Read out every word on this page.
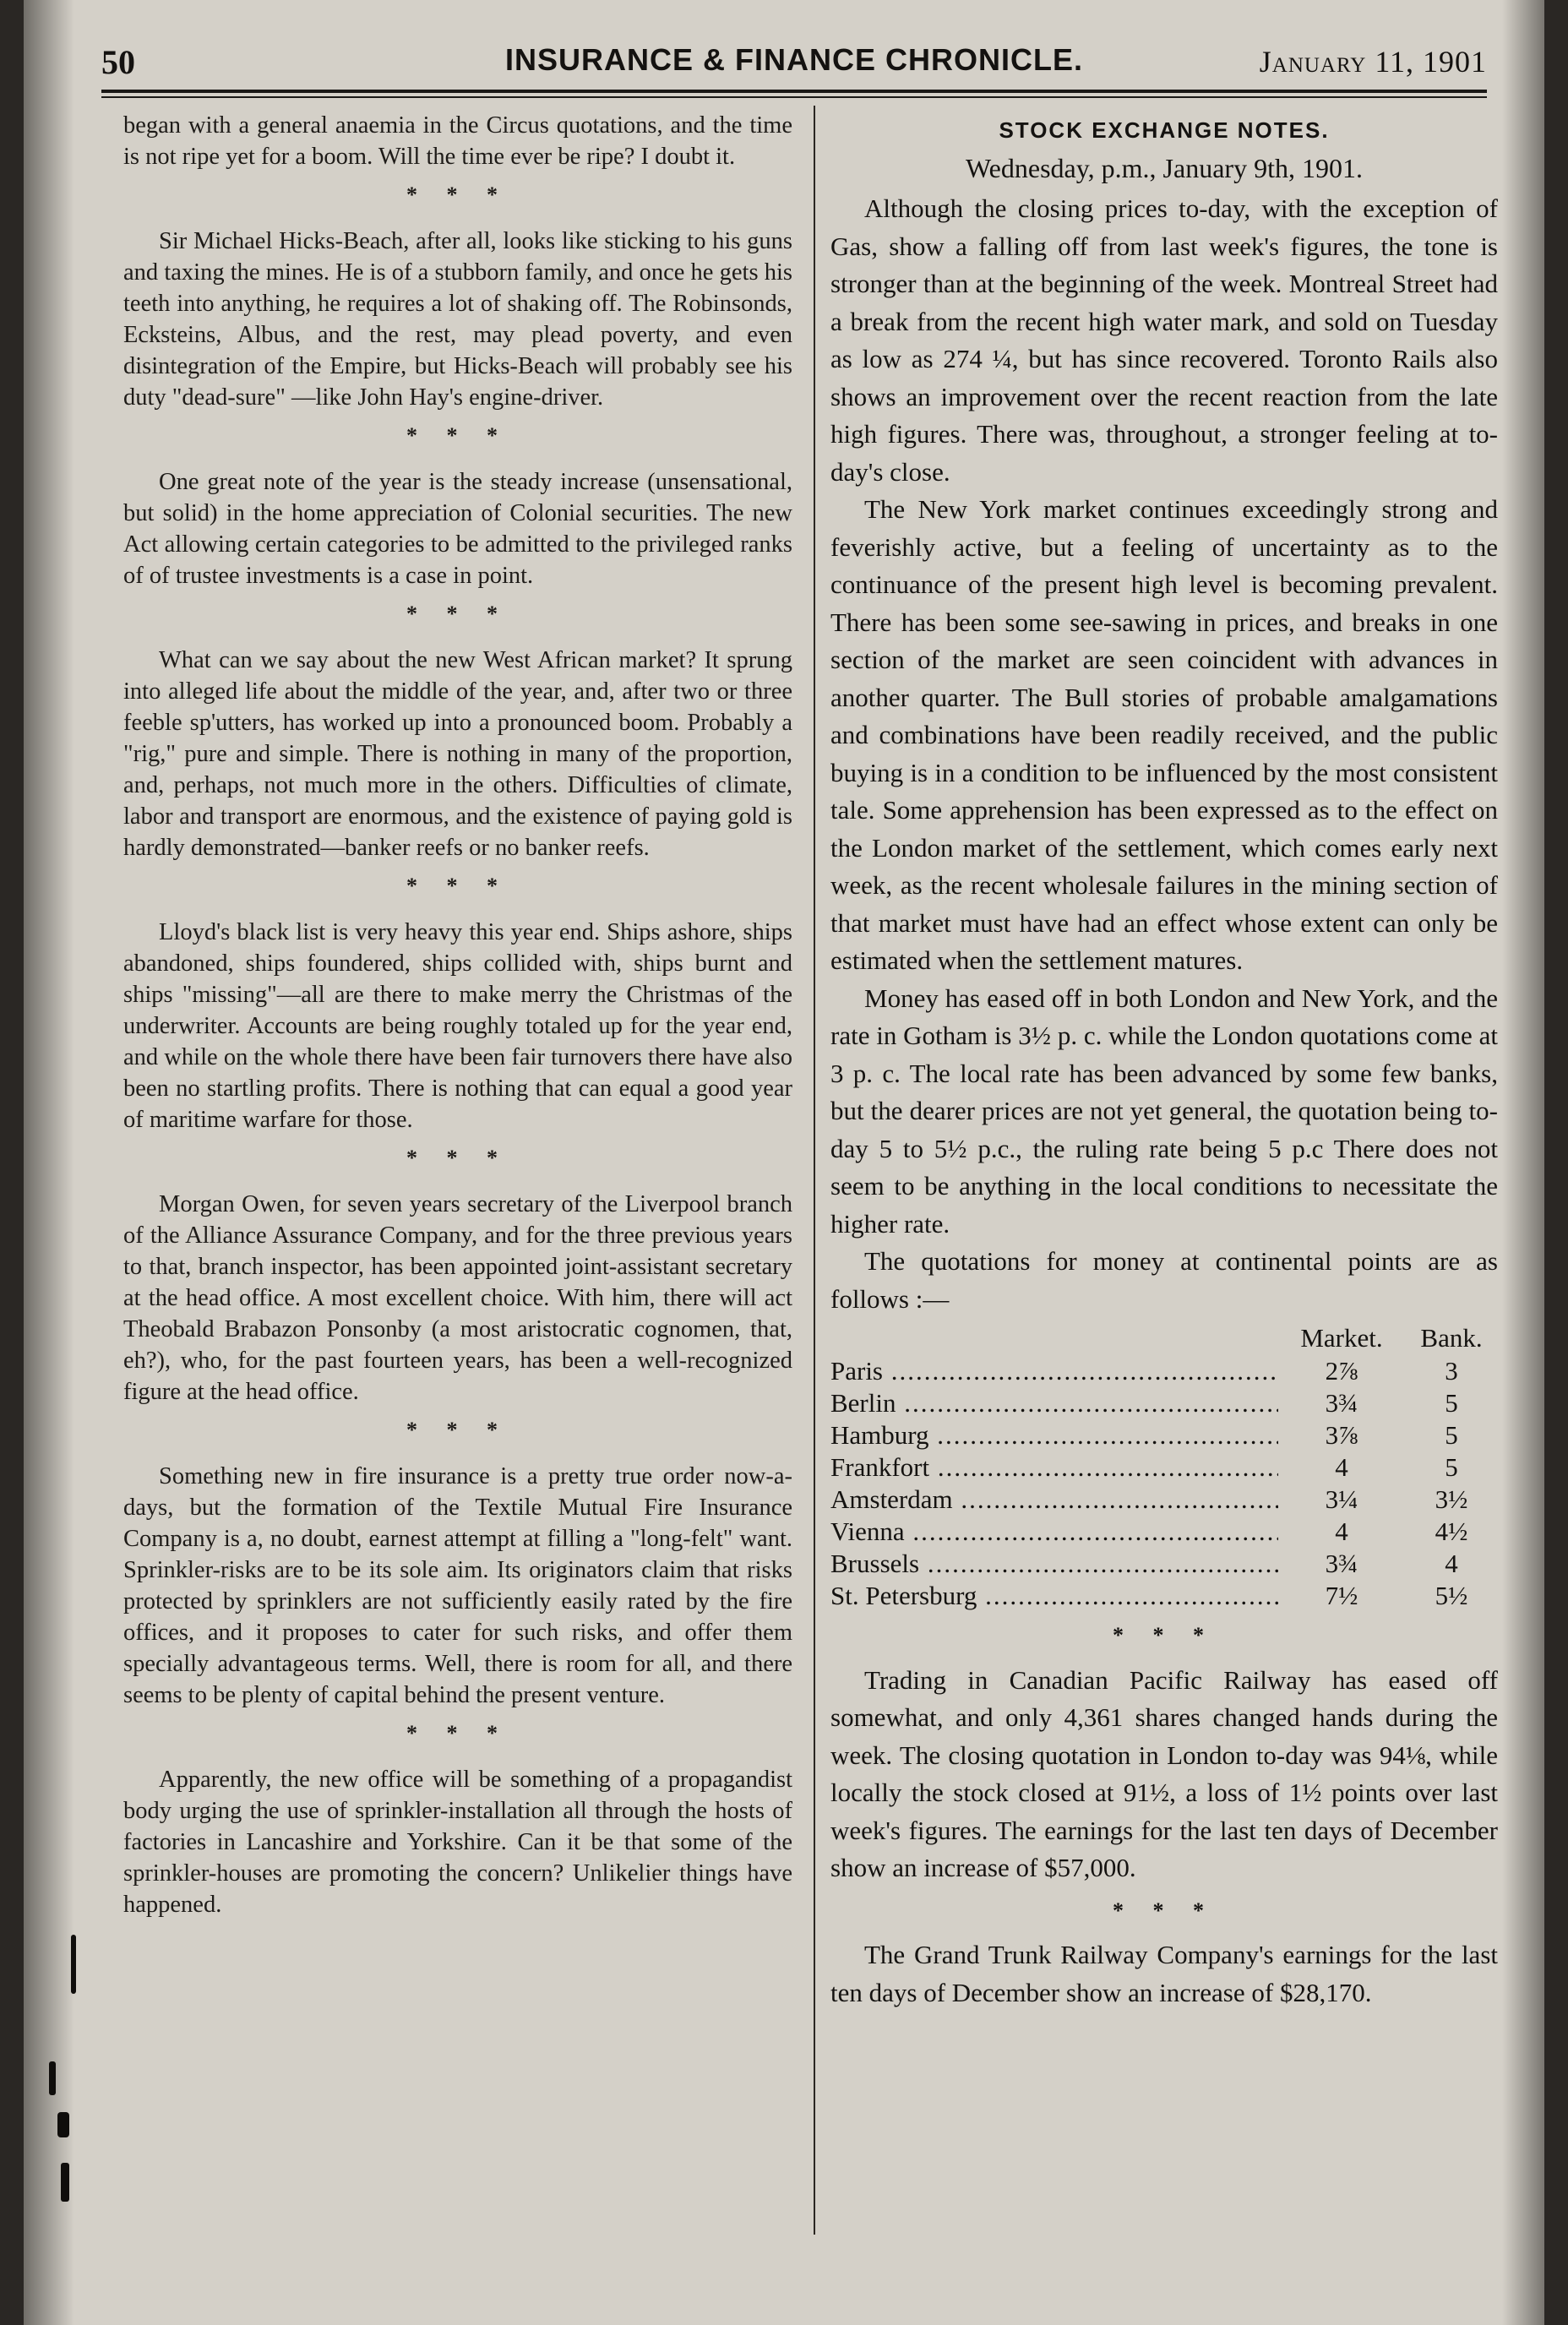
50	INSURANCE & FINANCE CHRONICLE.	January 11, 1901

began with a general anaemia in the Circus quotations, and the time is not ripe yet for a boom. Will the time ever be ripe? I doubt it.

* * *

Sir Michael Hicks-Beach, after all, looks like sticking to his guns and taxing the mines. He is of a stubborn family, and once he gets his teeth into anything, he requires a lot of shaking off. The Robinsonds, Ecksteins, Albus, and the rest, may plead poverty, and even disintegration of the Empire, but Hicks-Beach will probably see his duty "dead-sure" —like John Hay's engine-driver.

* * *

One great note of the year is the steady increase (unsensational, but solid) in the home appreciation of Colonial securities. The new Act allowing certain categories to be admitted to the privileged ranks of of trustee investments is a case in point.

* * *

What can we say about the new West African market? It sprung into alleged life about the middle of the year, and, after two or three feeble sp'utters, has worked up into a pronounced boom. Probably a "rig," pure and simple. There is nothing in many of the proportion, and, perhaps, not much more in the others. Difficulties of climate, labor and transport are enormous, and the existence of paying gold is hardly demonstrated—banker reefs or no banker reefs.

* * *

Lloyd's black list is very heavy this year end. Ships ashore, ships abandoned, ships foundered, ships collided with, ships burnt and ships "missing"—all are there to make merry the Christmas of the underwriter. Accounts are being roughly totaled up for the year end, and while on the whole there have been fair turnovers there have also been no startling profits. There is nothing that can equal a good year of maritime warfare for those.

* * *

Morgan Owen, for seven years secretary of the Liverpool branch of the Alliance Assurance Company, and for the three previous years to that, branch inspector, has been appointed joint-assistant secretary at the head office. A most excellent choice. With him, there will act Theobald Brabazon Ponsonby (a most aristocratic cognomen, that, eh?), who, for the past fourteen years, has been a well-recognized figure at the head office.

* * *

Something new in fire insurance is a pretty true order now-a-days, but the formation of the Textile Mutual Fire Insurance Company is a, no doubt, earnest attempt at filling a "long-felt" want. Sprinkler-risks are to be its sole aim. Its originators claim that risks protected by sprinklers are not sufficiently easily rated by the fire offices, and it proposes to cater for such risks, and offer them specially advantageous terms. Well, there is room for all, and there seems to be plenty of capital behind the present venture.

* * *

Apparently, the new office will be something of a propagandist body urging the use of sprinkler-installation all through the hosts of factories in Lancashire and Yorkshire. Can it be that some of the sprinkler-houses are promoting the concern? Unlikelier things have happened.

STOCK EXCHANGE NOTES.
Wednesday, p.m., January 9th, 1901.

Although the closing prices to-day, with the exception of Gas, show a falling off from last week's figures, the tone is stronger than at the beginning of the week. Montreal Street had a break from the recent high water mark, and sold on Tuesday as low as 274 ¼, but has since recovered. Toronto Rails also shows an improvement over the recent reaction from the late high figures. There was, throughout, a stronger feeling at to-day's close.

The New York market continues exceedingly strong and feverishly active, but a feeling of uncertainty as to the continuance of the present high level is becoming prevalent. There has been some see-sawing in prices, and breaks in one section of the market are seen coincident with advances in another quarter. The Bull stories of probable amalgamations and combinations have been readily received, and the public buying is in a condition to be influenced by the most consistent tale. Some apprehension has been expressed as to the effect on the London market of the settlement, which comes early next week, as the recent wholesale failures in the mining section of that market must have had an effect whose extent can only be estimated when the settlement matures.

Money has eased off in both London and New York, and the rate in Gotham is 3½ p. c. while the London quotations come at 3 p. c. The local rate has been advanced by some few banks, but the dearer prices are not yet general, the quotation being to-day 5 to 5½ p.c., the ruling rate being 5 p.c There does not seem to be anything in the local conditions to necessitate the higher rate.

The quotations for money at continental points are as follows :—

Market.	Bank.
Paris .....	2⅞	3
Berlin .....	3¾	5
Hamburg .....	3⅞	5
Frankfort .....	4	5
Amsterdam .....	3¼	3½
Vienna .....	4	4½
Brussels .....	3¾	4
St. Petersburg .....	7½	5½
* * *

Trading in Canadian Pacific Railway has eased off somewhat, and only 4,361 shares changed hands during the week. The closing quotation in London to-day was 94⅛, while locally the stock closed at 91½, a loss of 1½ points over last week's figures. The earnings for the last ten days of December show an increase of $57,000.

* * *

The Grand Trunk Railway Company's earnings for the last ten days of December show an increase of $28,170.
